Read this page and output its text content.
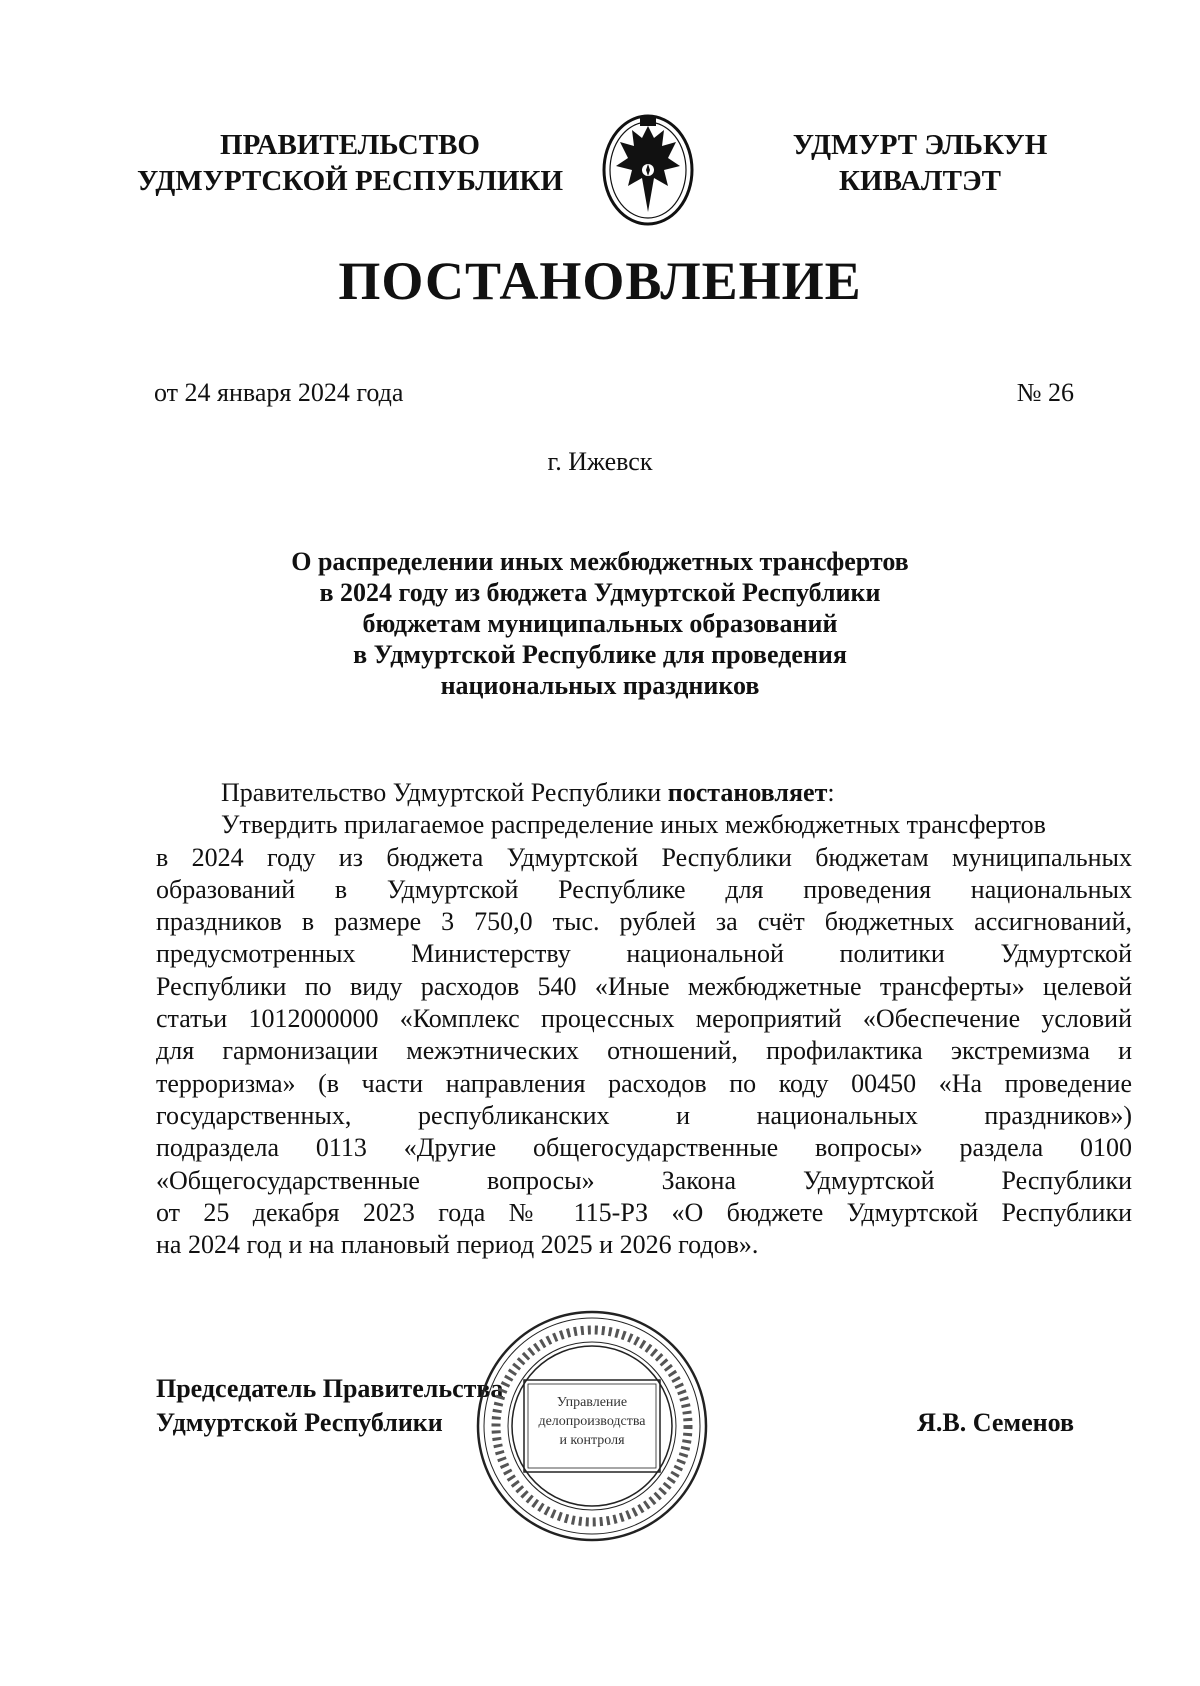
ПРАВИТЕЛЬСТВО
УДМУРТСКОЙ РЕСПУБЛИКИ
УДМУРТ ЭЛЬКУН
КИВАЛТЭТ
ПОСТАНОВЛЕНИЕ
от 24 января 2024 года	№ 26
г. Ижевск
О распределении иных межбюджетных трансфертов
в 2024 году из бюджета Удмуртской Республики
бюджетам муниципальных образований
в Удмуртской Республике для проведения
национальных праздников
Правительство Удмуртской Республики постановляет:
Утвердить прилагаемое распределение иных межбюджетных трансфертов
в 2024 году из бюджета Удмуртской Республики бюджетам муниципальных
образований в Удмуртской Республике для проведения национальных
праздников в размере 3 750,0 тыс. рублей за счёт бюджетных ассигнований,
предусмотренных Министерству национальной политики Удмуртской
Республики по виду расходов 540 «Иные межбюджетные трансферты» целевой
статьи 1012000000 «Комплекс процессных мероприятий «Обеспечение условий
для гармонизации межэтнических отношений, профилактика экстремизма и
терроризма» (в части направления расходов по коду 00450 «На проведение
государственных, республиканских и национальных праздников»)
подраздела 0113 «Другие общегосударственные вопросы» раздела 0100
«Общегосударственные вопросы» Закона Удмуртской Республики
от 25 декабря 2023 года № 115-РЗ «О бюджете Удмуртской Республики
на 2024 год и на плановый период 2025 и 2026 годов».
Председатель Правительства
Удмуртской Республики
Управление
делопроизводства
и контроля
Я.В. Семенов
